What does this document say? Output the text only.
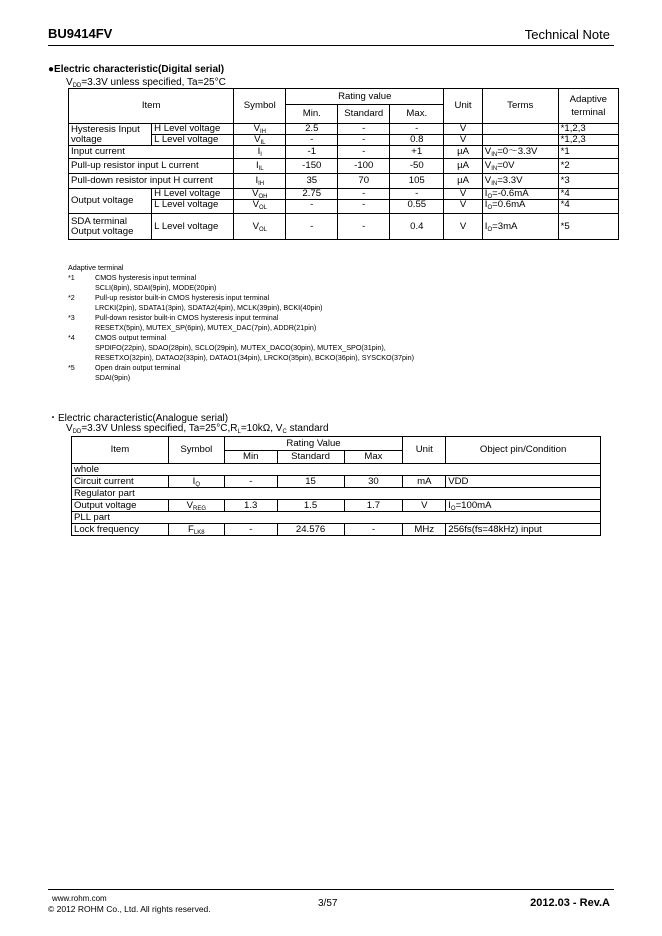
BU9414FV	Technical Note
●Electric characteristic(Digital serial)
$V_{DD}=3.3V$ unless specified, Ta=25°C
Item		Symbol	Rating value			Unit	Terms	Adaptive terminal
			Min.	Standard	Max.			
Hysteresis Input voltage	H Level voltage	$V_{IH}$	2.5	-	-	V		*1,2,3
	L Level voltage	$V_{IL}$	-	-	0.8	V		*1,2,3
Input current		$I_I$	-1	-	+1	µA	$V_{IN}=0\sim 3.3V$	*1
Pull-up resistor input L current		$I_{IL}$	-150	-100	-50	µA	$V_{IN}=0V$	*2
Pull-down resistor input H current		$I_{IH}$	35	70	105	µA	$V_{IN}=3.3V$	*3
Output voltage	H Level voltage	$V_{OH}$	2.75	-	-	V	$I_O=-0.6mA$	*4
	L Level voltage	$V_{OL}$	-	-	0.55	V	$I_O=0.6mA$	*4
SDA terminal Output voltage	L Level voltage	$V_{OL}$	-	-	0.4	V	$I_O=3mA$	*5
Adaptive terminal
*1	CMOS hysteresis input terminal
SCLI(8pin), SDAI(9pin), MODE(20pin)
*2	Pull-up resistor built-in CMOS hysteresis input terminal
LRCKI(2pin), SDATA1(3pin), SDATA2(4pin), MCLK(39pin), BCKI(40pin)
*3	Pull-down resistor built-in CMOS hysteresis input terminal
RESETX(5pin), MUTEX_SP(6pin), MUTEX_DAC(7pin), ADDR(21pin)
*4	CMOS output terminal
SPDIFO(22pin), SDAO(28pin), SCLO(29pin), MUTEX_DACO(30pin), MUTEX_SPO(31pin),
RESETXO(32pin), DATAO2(33pin), DATAO1(34pin), LRCKO(35pin), BCKO(36pin), SYSCKO(37pin)
*5	Open drain output terminal
SDAI(9pin)
・Electric characteristic(Analogue serial)
$V_{DD}=3.3V$ Unless specified, $Ta=25^\circ C,R_L=10k\Omega$, $V_C$ standard
Item	Symbol	Rating Value			Unit	Object pin/Condition
		Min	Standard	Max		
whole						
Circuit current	$I_Q$	-	15	30	mA	VDD
Regulator part						
Output voltage	$V_{REG}$	1.3	1.5	1.7	V	$I_O=100mA$
PLL part						
Lock frequency	$F_{LK8}$	-	24.576	-	MHz	256fs(fs=48kHz) input
www.rohm.com
© 2012 ROHM Co., Ltd. All rights reserved.	3/57	2012.03 - Rev.A
